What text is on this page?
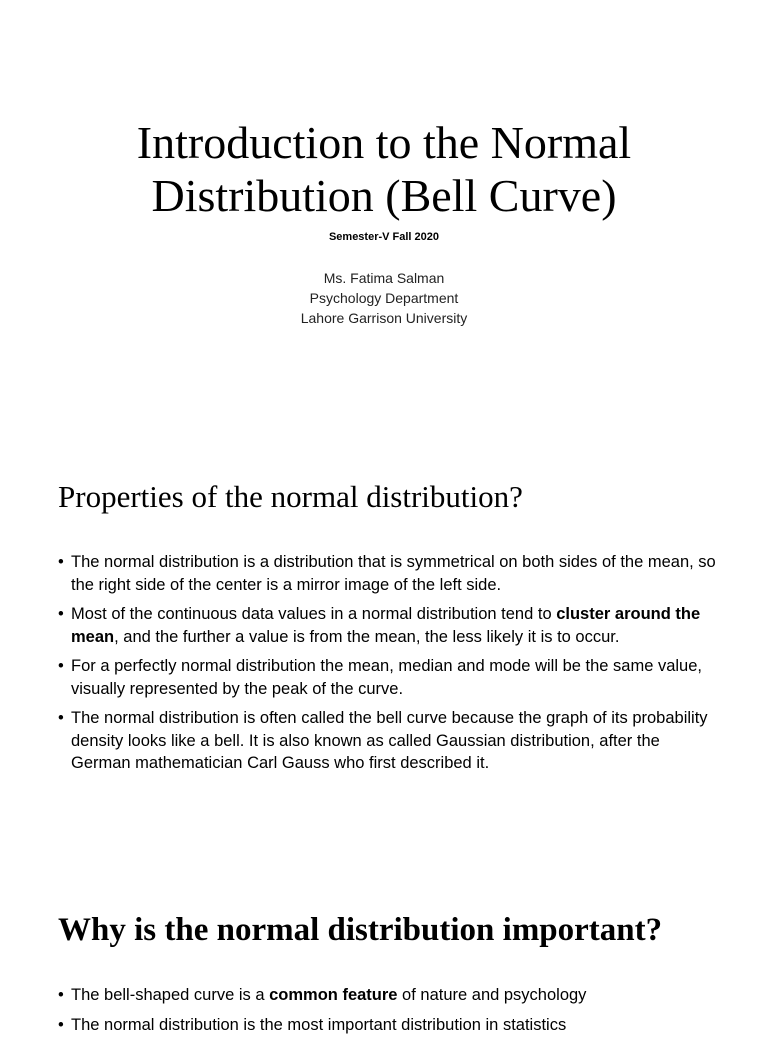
Introduction to the Normal
Distribution (Bell Curve)
Semester-V Fall 2020
Ms. Fatima Salman
Psychology Department
Lahore Garrison University
Properties of the normal distribution?
• The normal distribution is a distribution that is symmetrical on both sides of the mean, so the right side of the center is a mirror image of the left side.
• Most of the continuous data values in a normal distribution tend to cluster around the mean, and the further a value is from the mean, the less likely it is to occur.
• For a perfectly normal distribution the mean, median and mode will be the same value, visually represented by the peak of the curve.
• The normal distribution is often called the bell curve because the graph of its probability density looks like a bell. It is also known as called Gaussian distribution, after the German mathematician Carl Gauss who first described it.
Why is the normal distribution important?
• The bell-shaped curve is a common feature of nature and psychology
• The normal distribution is the most important distribution in statistics
